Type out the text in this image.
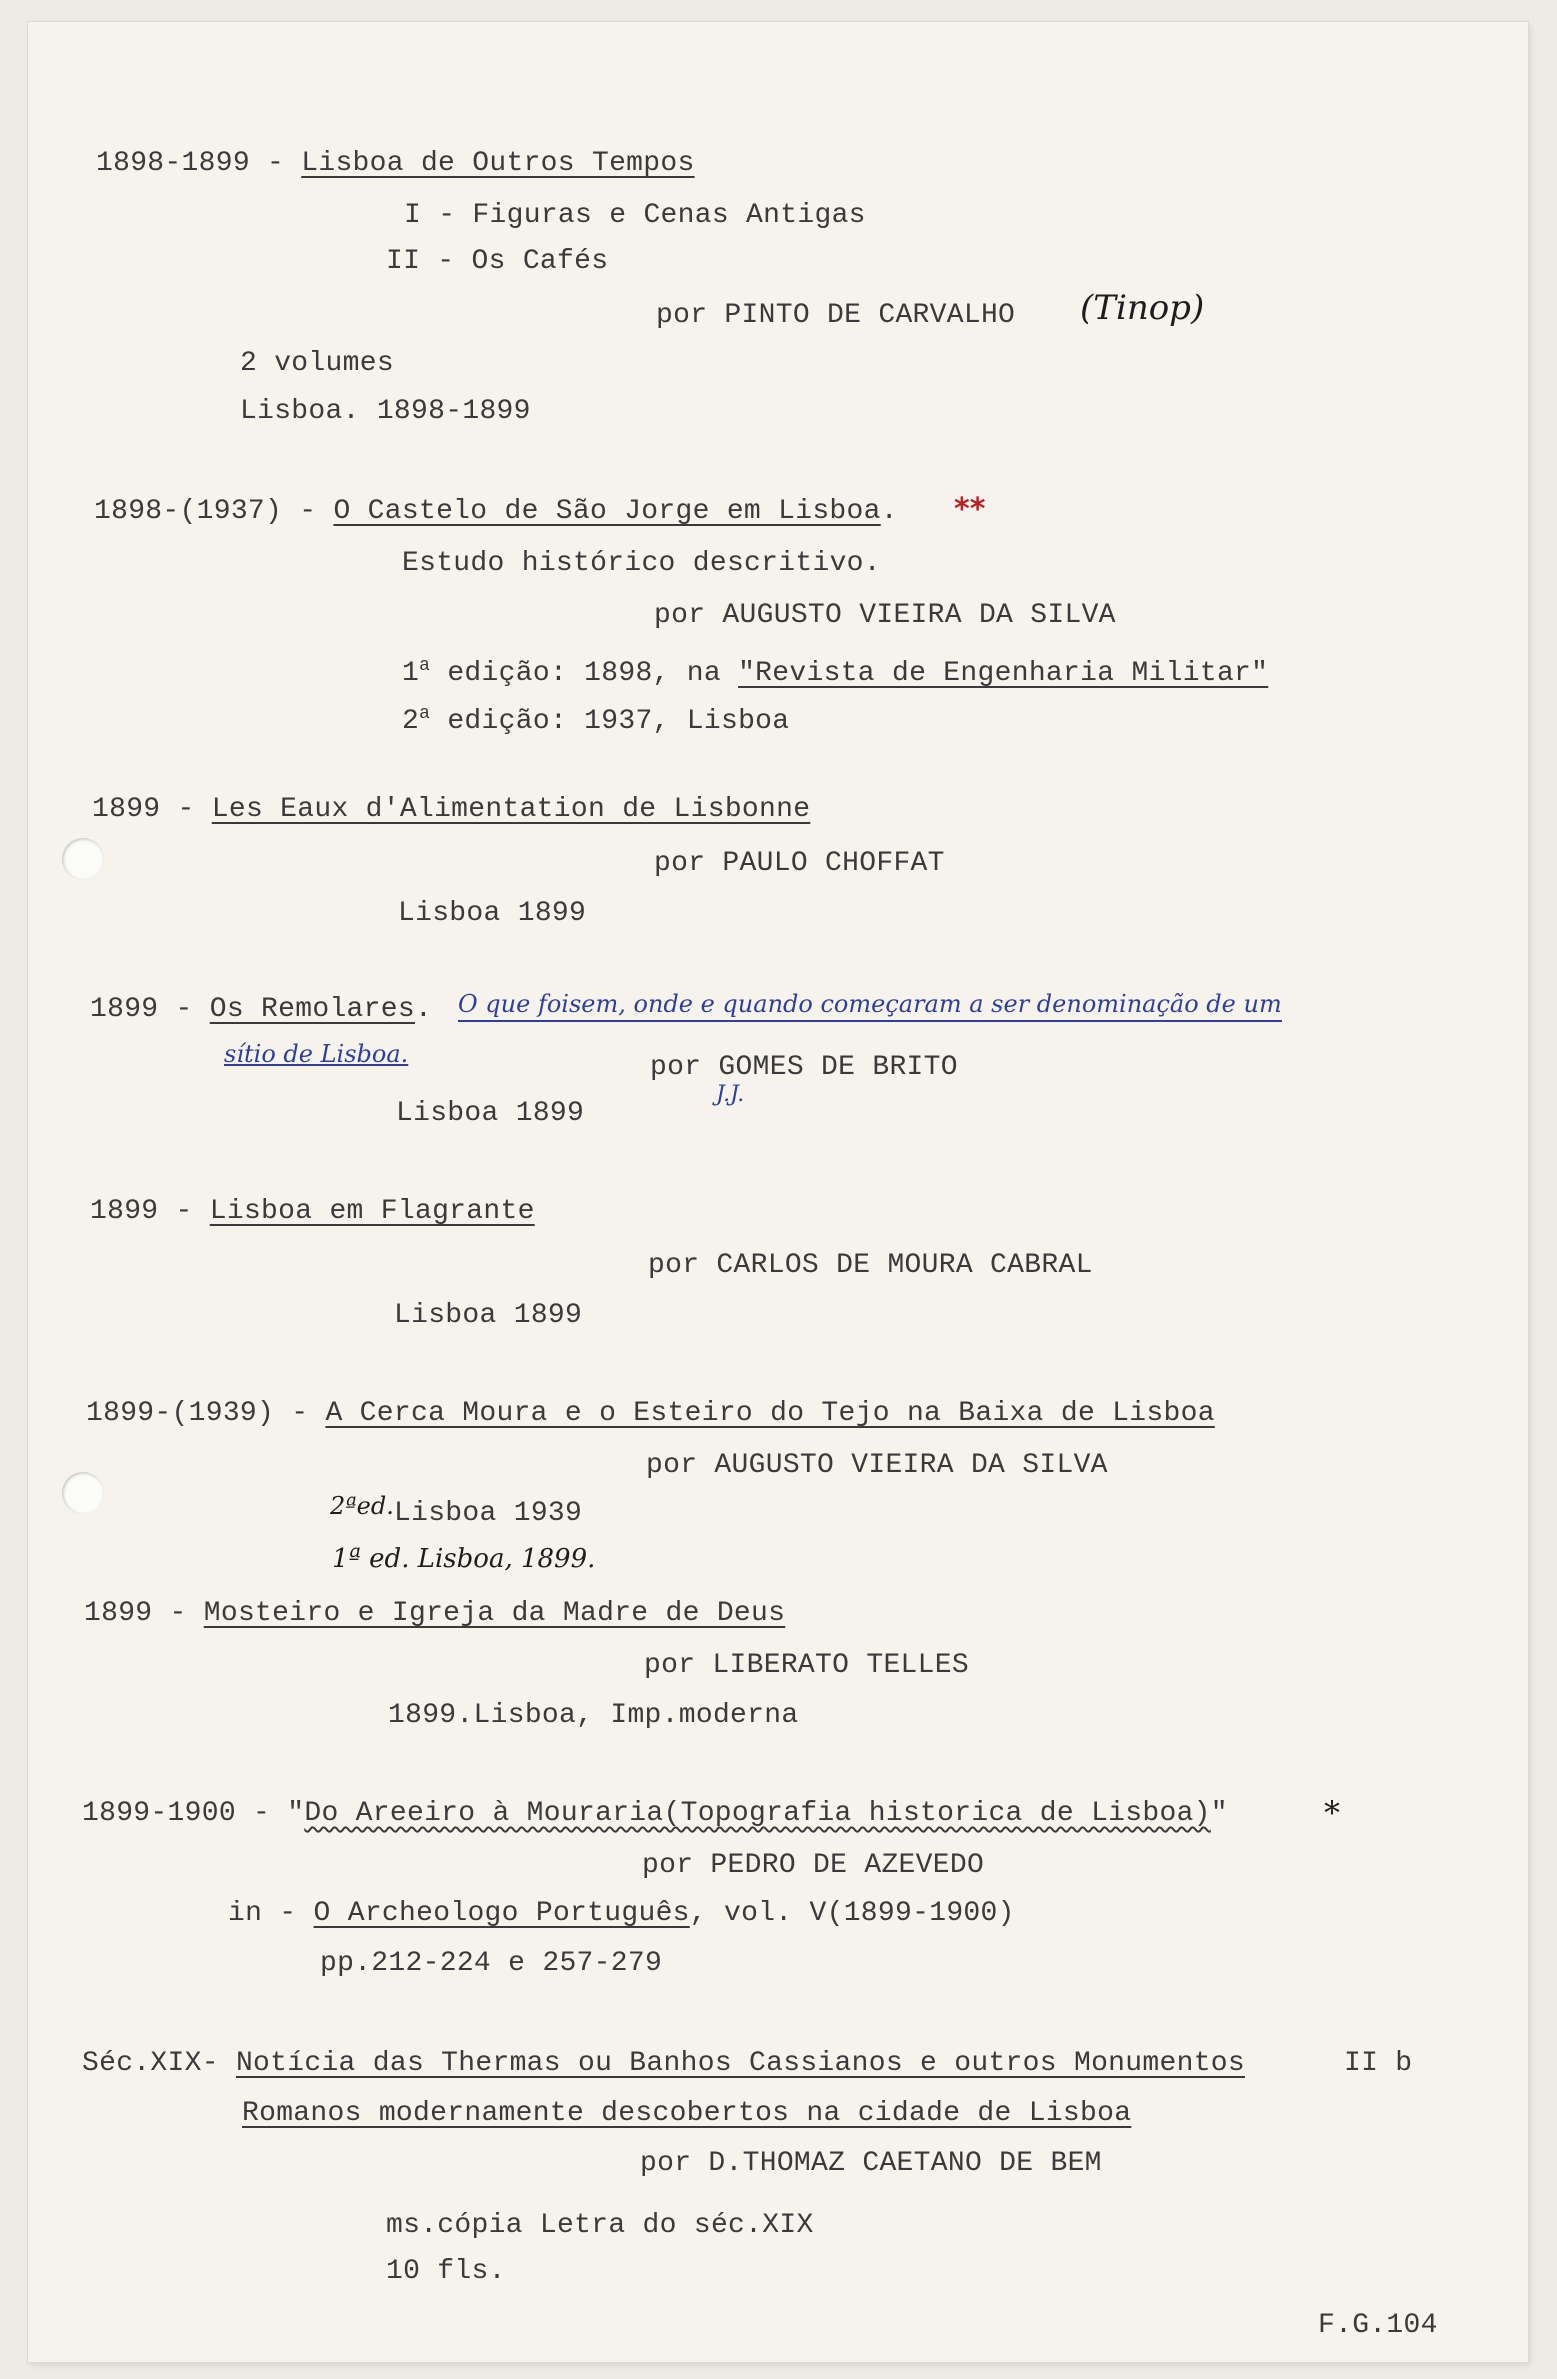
1898-1899 - Lisboa de Outros Tempos
I - Figuras e Cenas Antigas
II - Os Cafés
por PINTO DE CARVALHO (Tinop)
2 volumes
Lisboa. 1898-1899
1898-(1937) - O Castelo de São Jorge em Lisboa. **
Estudo histórico descritivo.
por AUGUSTO VIEIRA DA SILVA
1$^a$ edição: 1898, na "Revista de Engenharia Militar"
2$^a$ edição: 1937, Lisboa
1899 - Les Eaux d'Alimentation de Lisbonne
por PAULO CHOFFAT
Lisboa 1899
1899 - Os Remolares. O que foisem, onde e quando começaram a ser denominação de um
sítio de Lisboa.	por GOMES DE BRITO
J.J.
Lisboa 1899
1899 - Lisboa em Flagrante
por CARLOS DE MOURA CABRAL
Lisboa 1899
1899-(1939) - A Cerca Moura e o Esteiro do Tejo na Baixa de Lisboa
por AUGUSTO VIEIRA DA SILVA
2ªed. Lisboa 1939
1ª ed. Lisboa, 1899.
1899 - Mosteiro e Igreja da Madre de Deus
por LIBERATO TELLES
1899.Lisboa, Imp.moderna
1899-1900 - "Do Areeiro à Mouraria(Topografia historica de Lisboa)"	*
por PEDRO DE AZEVEDO
in - O Archeologo Português, vol. V(1899-1900)
pp.212-224 e 257-279
Séc.XIX- Notícia das Thermas ou Banhos Cassianos e outros Monumentos	II b
Romanos modernamente descobertos na cidade de Lisboa
por D.THOMAZ CAETANO DE BEM
ms.cópia Letra do séc.XIX
10 fls.
F.G.104
